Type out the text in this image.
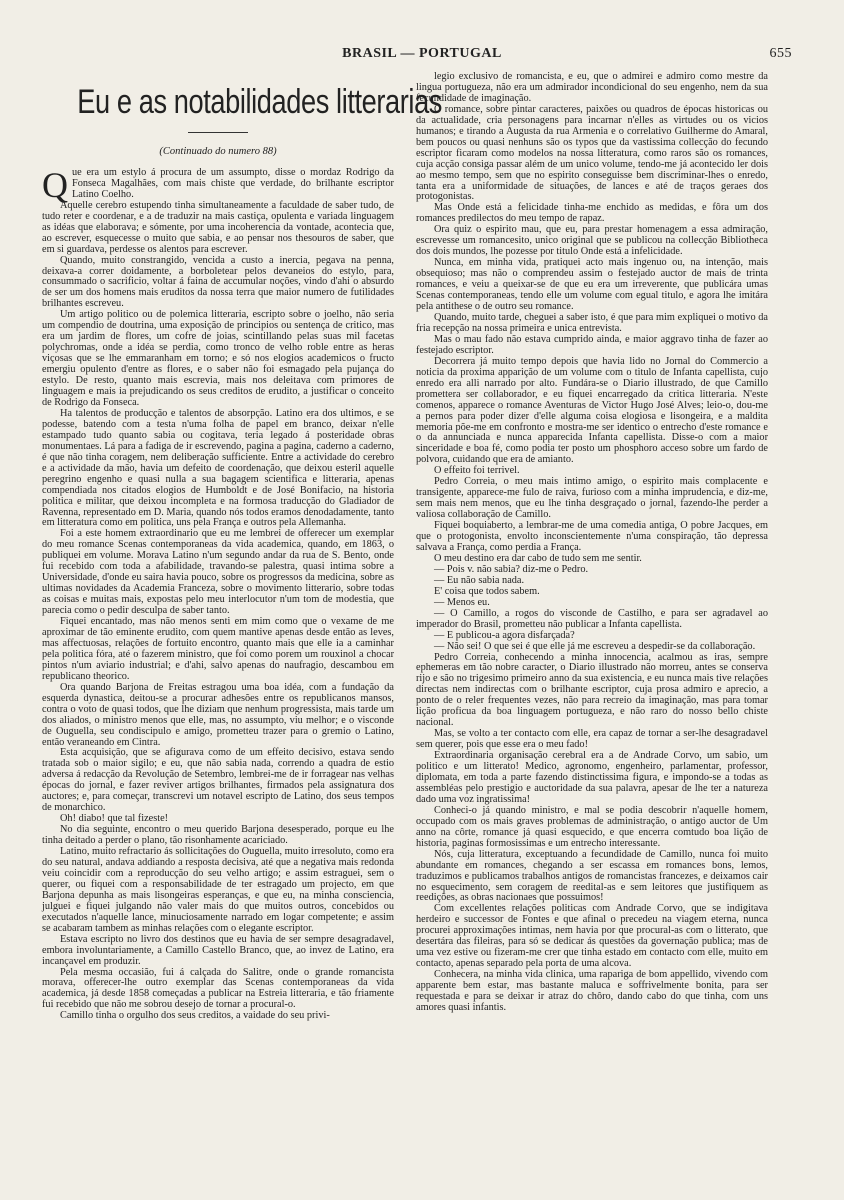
BRASIL — PORTUGAL	655
Eu e as notabilidades litterarias
(Continuado do numero 88)

Que era um estylo á procura de um assumpto, disse o mordaz Rodrigo da Fonseca Magalhães, com mais chiste que verdade, do brilhante escriptor Latino Coelho.

Aquelle cerebro estupendo tinha simultaneamente a faculdade de saber tudo, de tudo reter e coordenar, e a de traduzir na mais castiça, opulenta e variada linguagem as idéas que elaborava; e sómente, por uma incoherencia da vontade, acontecia que, ao escrever, esquecesse o muito que sabia, e ao pensar nos thesouros de saber, que em si guardava, perdesse os alentos para escrever.

Quando, muito constrangido, vencida a custo a inercia, pegava na penna, deixava-a correr doidamente, a borboletear pelos devaneios do estylo, para, consummado o sacrificio, voltar á faina de accumular noções, vindo d'ahi o absurdo de ser um dos homens mais eruditos da nossa terra que maior numero de futilidades brilhantes escreveu.

Um artigo politico ou de polemica litteraria, escripto sobre o joelho, não seria um compendio de doutrina, uma exposição de principios ou sentença de critico, mas era um jardim de flores, um cofre de joias, scintillando pelas suas mil facetas polychromas, onde a idéa se perdia, como tronco de velho roble entre as heras viçosas que se lhe emmaranham em torno; e só nos elogios academicos o fructo emergiu opulento d'entre as flores, e o saber não foi esmagado pela pujança do estylo. De resto, quanto mais escrevia, mais nos deleitava com primores de linguagem e mais ia prejudicando os seus creditos de erudito, a justificar o conceito de Rodrigo da Fonseca.

Ha talentos de producção e talentos de absorpção. Latino era dos ultimos, e se podesse, batendo com a testa n'uma folha de papel em branco, deixar n'elle estampado tudo quanto sabia ou cogitava, teria legado á posteridade obras monumentaes. Lá para a fadiga de ir escrevendo, pagina a pagina, caderno a caderno, é que não tinha coragem, nem deliberação sufficiente. Entre a actividade do cerebro e a actividade da mão, havia um defeito de coordenação, que deixou esteril aquelle peregrino engenho e quasi nulla a sua bagagem scientifica e litteraria, apenas compendiada nos citados elogios de Humboldt e de José Bonifacio, na historia politica e militar, que deixou incompleta e na formosa traducção do Gladiador de Ravenna, representado em D. Maria, quando nós todos eramos denodadamente, tanto em litteratura como em politica, uns pela França e outros pela Allemanha.

Foi a este homem extraordinario que eu me lembrei de offerecer um exemplar do meu romance Scenas contemporaneas da vida academica, quando, em 1863, o publiquei em volume. Morava Latino n'um segundo andar da rua de S. Bento, onde fui recebido com toda a afabilidade, travando-se palestra, quasi intima sobre a Universidade, d'onde eu saira havia pouco, sobre os progressos da medicina, sobre as ultimas novidades da Academia Franceza, sobre o movimento litterario, sobre todas as coisas e muitas mais, expostas pelo meu interlocutor n'um tom de modestia, que parecia como o pedir desculpa de saber tanto.

Fiquei encantado, mas não menos senti em mim como que o vexame de me aproximar de tão eminente erudito, com quem mantive apenas desde então as leves, mas affectuosas, relações de fortuito encontro, quanto mais que elle ia a caminhar pela politica fóra, até o fazerem ministro, que foi como porem um rouxinol a chocar pintos n'um aviario industrial; e d'ahi, salvo apenas do naufragio, descambou em republicano theorico.

Ora quando Barjona de Freitas estragou uma boa idéa, com a fundação da esquerda dynastica, deitou-se a procurar adhesões entre os republicanos mansos, contra o voto de quasi todos, que lhe diziam que nenhum progressista, mais tarde um dos aliados, o ministro menos que elle, mas, no assumpto, viu melhor; e o visconde de Ouguella, seu condiscipulo e amigo, prometteu trazer para o gremio o Latino, então veraneando em Cintra.

Esta acquisição, que se afigurava como de um effeito decisivo, estava sendo tratada sob o maior sigilo; e eu, que não sabia nada, correndo a quadra de estio adversa á redacção da Revolução de Setembro, lembrei-me de ir forragear nas velhas épocas do jornal, e fazer reviver artigos brilhantes, firmados pela assignatura dos auctores; e, para começar, transcrevi um notavel escripto de Latino, dos seus tempos de monarchico.

Oh! diabo! que tal fizeste!

No dia seguinte, encontro o meu querido Barjona desesperado, porque eu lhe tinha deitado a perder o plano, tão risonhamente acariciado.

Latino, muito refractario ás sollicitações do Ouguella, muito irresoluto, como era do seu natural, andava addiando a resposta decisiva, até que a negativa mais redonda veiu coincidir com a reproducção do seu velho artigo; e assim estraguei, sem o querer, ou fiquei com a responsabilidade de ter estragado um projecto, em que Barjona depunha as mais lisongeiras esperanças, e que eu, na minha consciencia, julguei e fiquei julgando não valer mais do que muitos outros, concebidos ou executados n'aquelle lance, minuciosamente narrado em logar competente; e assim se acabaram tambem as minhas relações com o elegante escriptor.

Estava escripto no livro dos destinos que eu havia de ser sempre desagradavel, embora involuntariamente, a Camillo Castello Branco, que, ao invez de Latino, era incançavel em produzir.

Pela mesma occasião, fui á calçada do Salitre, onde o grande romancista morava, offerecer-lhe outro exemplar das Scenas contemporaneas da vida academica, já desde 1858 começadas a publicar na Estreia litteraria, e tão friamente fui recebido que não me sobrou desejo de tornar a procural-o.

Camillo tinha o orgulho dos seus creditos, a vaidade do seu privi-

legio exclusivo de romancista, e eu, que o admirei e admiro como mestre da lingua portugueza, não era um admirador incondicional do seu engenho, nem da sua fecundidade de imaginação.

O romance, sobre pintar caracteres, paixões ou quadros de épocas historicas ou da actualidade, cria personagens para incarnar n'elles as virtudes ou os vicios humanos; e tirando a Augusta da rua Armenia e o correlativo Guilherme do Amaral, bem poucos ou quasi nenhuns são os typos que da vastissima collecção do fecundo escriptor ficaram como modelos na nossa litteratura, como raros são os romances, cuja acção consiga passar além de um unico volume, tendo-me já acontecido ler dois ao mesmo tempo, sem que no espirito conseguisse bem discriminar-lhes o enredo, tanta era a uniformidade de situações, de lances e até de traços geraes dos protogonistas.

Mas Onde está a felicidade tinha-me enchido as medidas, e fôra um dos romances predilectos do meu tempo de rapaz.

Ora quiz o espirito mau, que eu, para prestar homenagem a essa admiração, escrevesse um romancesito, unico original que se publicou na collecção Bibliotheca dos dois mundos, lhe pozesse por titulo Onde está a infelicidade.

Nunca, em minha vida, pratiquei acto mais ingenuo ou, na intenção, mais obsequioso; mas não o comprendeu assim o festejado auctor de mais de trinta romances, e veiu a queixar-se de que eu era um irreverente, que publicára umas Scenas contemporaneas, tendo elle um volume com egual titulo, e agora lhe imitára pela antithese o de outro seu romance.

Quando, muito tarde, cheguei a saber isto, é que para mim expliquei o motivo da fria recepção na nossa primeira e unica entrevista.

Mas o mau fado não estava cumprido ainda, e maior aggravo tinha de fazer ao festejado escriptor.

Decorrera já muito tempo depois que havia lido no Jornal do Commercio a noticia da proxima apparição de um volume com o titulo de Infanta capellista, cujo enredo era alli narrado por alto. Fundára-se o Diario illustrado, de que Camillo promettera ser collaborador, e eu fiquei encarregado da critica litteraria. N'este comenos, apparece o romance Aventuras de Victor Hugo José Alves; leio-o, dou-me a pernos para poder dizer d'elle alguma coisa elogiosa e lisongeira, e a maldita memoria põe-me em confronto e mostra-me ser identico o entrecho d'este romance e o da annunciada e nunca apparecida Infanta capellista. Disse-o com a maior sinceridade e boa fé, como podia ter posto um phosphoro acceso sobre um fardo de polvora, cuidando que era de amianto.

O effeito foi terrivel.

Pedro Correia, o meu mais intimo amigo, o espirito mais complacente e transigente, apparece-me fulo de raiva, furioso com a minha imprudencia, e diz-me, sem mais nem menos, que eu lhe tinha desgraçado o jornal, fazendo-lhe perder a valiosa collaboração de Camillo.

Fiquei boquiaberto, a lembrar-me de uma comedia antiga, O pobre Jacques, em que o protogonista, envolto inconscientemente n'uma conspiração, tão depressa salvava a França, como perdia a França.

O meu destino era dar cabo de tudo sem me sentir.

— Pois v. não sabia? diz-me o Pedro.

— Eu não sabia nada.

E' coisa que todos sabem.

— Menos eu.

— O Camillo, a rogos do visconde de Castilho, e para ser agradavel ao imperador do Brasil, prometteu não publicar a Infanta capellista.

— E publicou-a agora disfarçada?

— Não sei! O que sei é que elle já me escreveu a despedir-se da collaboração.

Pedro Correia, conhecendo a minha innocencia, acalmou as iras, sempre ephemeras em tão nobre caracter, o Diario illustrado não morreu, antes se conserva rijo e são no trigesimo primeiro anno da sua existencia, e eu nunca mais tive relações directas nem indirectas com o brilhante escriptor, cuja prosa admiro e aprecio, a ponto de o reler frequentes vezes, não para recreio da imaginação, mas para tomar lição proficua da boa linguagem portugueza, e não raro do nosso bello chiste nacional.

Mas, se volto a ter contacto com elle, era capaz de tornar a ser-lhe desagradavel sem querer, pois que esse era o meu fado!

Extraordinaria organisação cerebral era a de Andrade Corvo, um sabio, um politico e um litterato! Medico, agronomo, engenheiro, parlamentar, professor, diplomata, em toda a parte fazendo distinctissima figura, e impondo-se a todas as assembléas pelo prestigio e auctoridade da sua palavra, apesar de lhe ter a natureza dado uma voz ingratissima!

Conheci-o já quando ministro, e mal se podia descobrir n'aquelle homem, occupado com os mais graves problemas de administração, o antigo auctor de Um anno na côrte, romance já quasi esquecido, e que encerra comtudo boa lição de historia, paginas formosissimas e um entrecho interessante.

Nós, cuja litteratura, exceptuando a fecundidade de Camillo, nunca foi muito abundante em romances, chegando a ser escassa em romances bons, lemos, traduzimos e publicamos trabalhos antigos de romancistas francezes, e deixamos cair no esquecimento, sem coragem de reedital-as e sem leitores que justifiquem as reedições, as obras nacionaes que possuimos!

Com excellentes relações politicas com Andrade Corvo, que se indigitava herdeiro e successor de Fontes e que afinal o precedeu na viagem eterna, nunca procurei approximações intimas, nem havia por que procural-as com o litterato, que desertára das fileiras, para só se dedicar ás questões da governação publica; mas de uma vez estive ou fizeram-me crer que tinha estado em contacto com elle, muito em contacto, apenas separado pela porta de uma alcova.

Conhecera, na minha vida clinica, uma rapariga de bom appellido, vivendo com apparente bem estar, mas bastante maluca e soffrivelmente bonita, para ser requestada e para se deixar ir atraz do chôro, dando cabo do que tinha, com uns amores quasi infantis.
